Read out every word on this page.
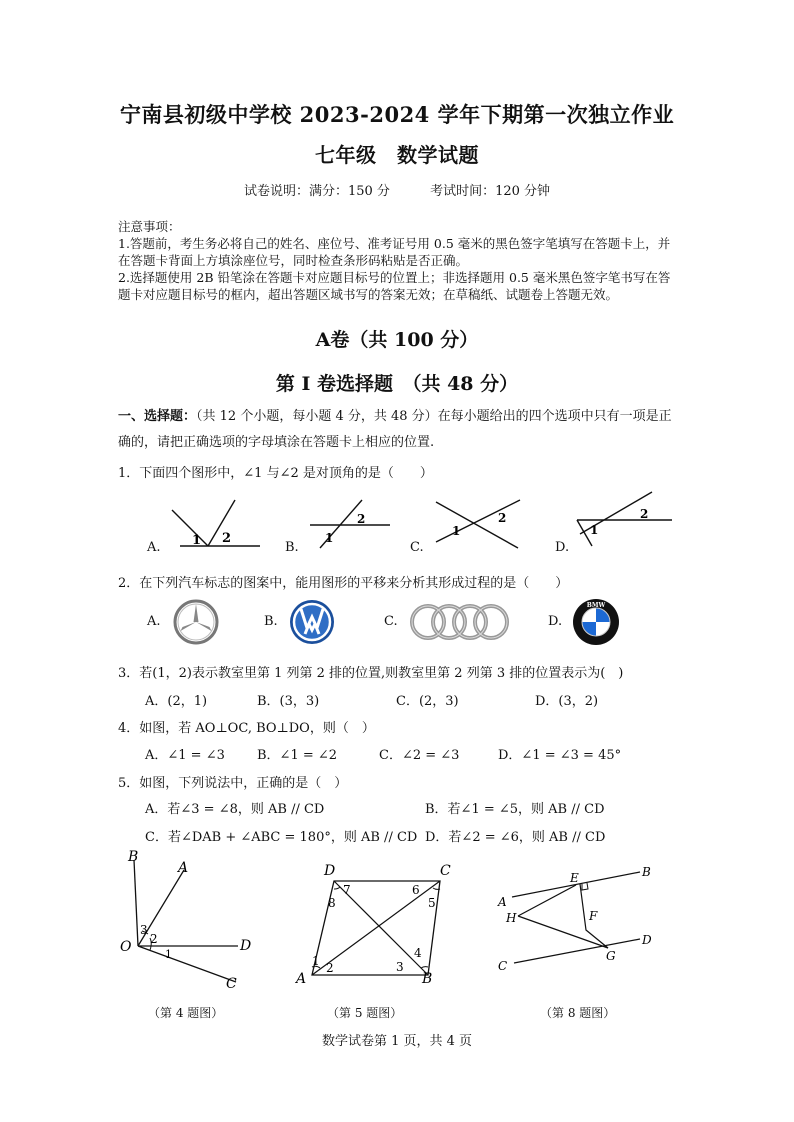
宁南县初级中学校 2023-2024 学年下期第一次独立作业
七年级　数学试题
试卷说明：满分：150 分	考试时间：120 分钟
注意事项：
1.答题前，考生务必将自己的姓名、座位号、准考证号用 0.5 毫米的黑色签字笔填写在答题卡上，并在答题卡背面上方填涂座位号，同时检查条形码粘贴是否正确。
2.选择题使用 2B 铅笔涂在答题卡对应题目标号的位置上；非选择题用 0.5 毫米黑色签字笔书写在答题卡对应题目标号的框内，超出答题区域书写的答案无效；在草稿纸、试题卷上答题无效。
A卷（共 100 分）
第 I 卷选择题　（共 48 分）
一、选择题：（共 12 个小题，每小题 4 分，共 48 分）在每小题给出的四个选项中只有一项是正确的，请把正确选项的字母填涂在答题卡上相应的位置.
1．下面四个图形中，∠1 与∠2 是对顶角的是（　　）
1 2	1
2
1
2
1
2
A.	B.	C.	D.
2．在下列汽车标志的图案中，能用图形的平移来分析其形成过程的是（　　）
A.	B.	C.	D.
BMW
3．若(1，2)表示教室里第 1 列第 2 排的位置,则教室里第 2 列第 3 排的位置表示为(　)
A．(2，1)	B．(3，3)	C．(2，3)	D．(3，2)
4．如图，若 AO⊥OC, BO⊥DO，则（　）
A．∠1 = ∠3 B．∠1 = ∠2	C．∠2 = ∠3	D．∠1 = ∠3 = 45°
5．如图，下列说法中，正确的是（　）
A．若∠3 = ∠8，则 AB // CD	B．若∠1 = ∠5，则 AB // CD
C．若∠DAB + ∠ABC = 180°，则 AB // CD D．若∠2 = ∠6，则 AB // CD
B
A
O	D
C
3
2
1
（第 4 题图）
D	C
A	B
7
8
6
5
1 2	3
4
（第 5 题图）
A
B
E
H	F
D
G
C
（第 8 题图）
数学试卷第 1 页，共 4 页
